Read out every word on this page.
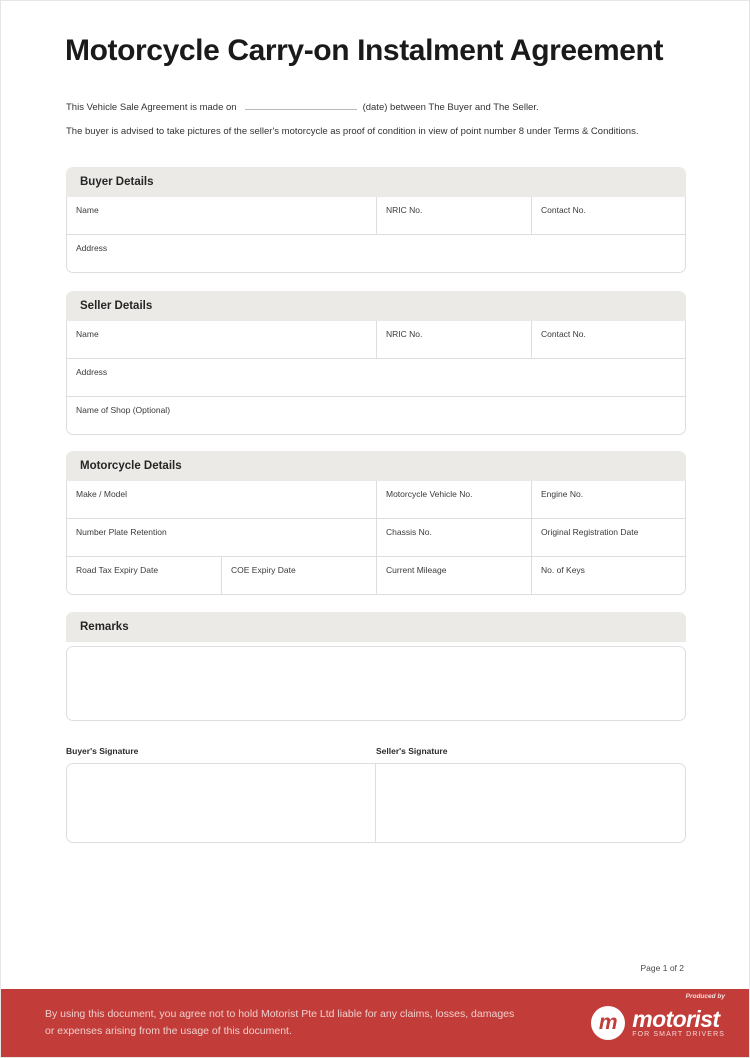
Motorcycle Carry-on Instalment Agreement
This Vehicle Sale Agreement is made on	(date) between The Buyer and The Seller.
The buyer is advised to take pictures of the seller's motorcycle as proof of condition in view of point number 8 under Terms & Conditions.
Buyer Details
Name	NRIC No.	Contact No.
Address
Seller Details
Name	NRIC No.	Contact No.
Address
Name of Shop (Optional)
Motorcycle Details
Make / Model	Motorcycle Vehicle No.	Engine No.
Number Plate Retention	Chassis No.	Original Registration Date
Road Tax Expiry Date	COE Expiry Date	Current Mileage	No. of Keys
Remarks
Buyer's Signature	Seller's Signature
Page 1 of 2
By using this document, you agree not to hold Motorist Pte Ltd liable for any claims, losses, damages or expenses arising from the usage of this document.	m
Produced by
motorist
FOR SMART DRIVERS
